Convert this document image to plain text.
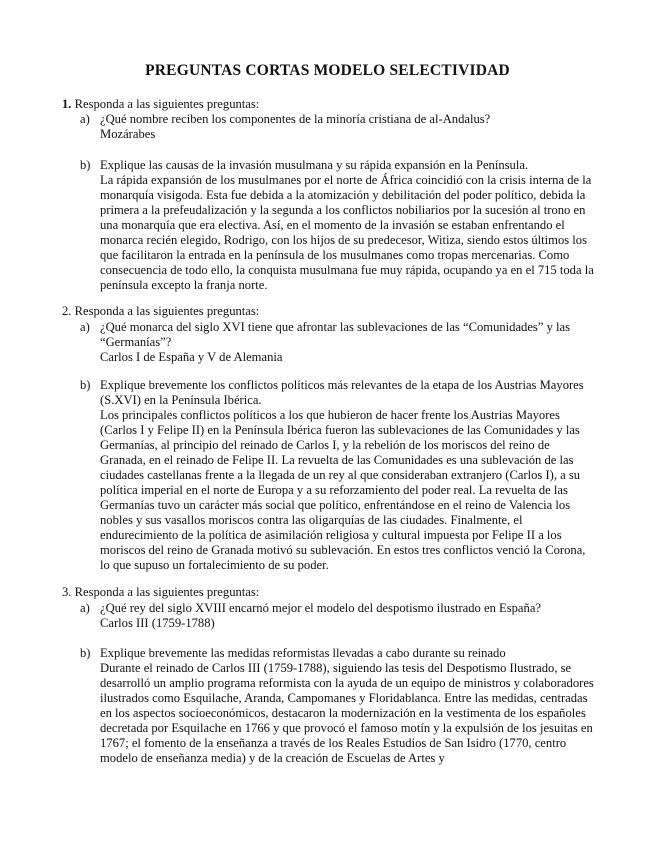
PREGUNTAS CORTAS MODELO SELECTIVIDAD
1. Responda a las siguientes preguntas:
a) ¿Qué nombre reciben los componentes de la minoría cristiana de al-Andalus?
Mozárabes
b) Explique las causas de la invasión musulmana y su rápida expansión en la Península.
La rápida expansión de los musulmanes por el norte de África coincidió con la crisis interna de la monarquía visigoda. Esta fue debida a la atomización y debilitación del poder político, debida la primera a la prefeudalización y la segunda a los conflictos nobiliarios por la sucesión al trono en una monarquía que era electiva. Así, en el momento de la invasión se estaban enfrentando el monarca recién elegido, Rodrigo, con los hijos de su predecesor, Witiza, siendo estos últimos los que facilitaron la entrada en la península de los musulmanes como tropas mercenarias. Como consecuencia de todo ello, la conquista musulmana fue muy rápida, ocupando ya en el 715 toda la península excepto la franja norte.
2. Responda a las siguientes preguntas:
a) ¿Qué monarca del siglo XVI tiene que afrontar las sublevaciones de las “Comunidades” y las “Germanías”?
Carlos I de España y V de Alemania
b) Explique brevemente los conflictos políticos más relevantes de la etapa de los Austrias Mayores (S.XVI) en la Península Ibérica.
Los principales conflictos políticos a los que hubieron de hacer frente los Austrias Mayores (Carlos I y Felipe II) en la Península Ibérica fueron las sublevaciones de las Comunidades y las Germanías, al principio del reinado de Carlos I, y la rebelión de los moriscos del reino de Granada, en el reinado de Felipe II. La revuelta de las Comunidades es una sublevación de las ciudades castellanas frente a la llegada de un rey al que consideraban extranjero (Carlos I), a su política imperial en el norte de Europa y a su reforzamiento del poder real. La revuelta de las Germanías tuvo un carácter más social que político, enfrentándose en el reino de Valencia los nobles y sus vasallos moriscos contra las oligarquías de las ciudades. Finalmente, el endurecimiento de la política de asimilación religiosa y cultural impuesta por Felipe II a los moriscos del reino de Granada motivó su sublevación. En estos tres conflictos venció la Corona, lo que supuso un fortalecimiento de su poder.
3. Responda a las siguientes preguntas:
a) ¿Qué rey del siglo XVIII encarnó mejor el modelo del despotismo ilustrado en España?
Carlos III (1759-1788)
b) Explique brevemente las medidas reformistas llevadas a cabo durante su reinado
Durante el reinado de Carlos III (1759-1788), siguiendo las tesis del Despotismo Ilustrado, se desarrolló un amplio programa reformista con la ayuda de un equipo de ministros y colaboradores ilustrados como Esquilache, Aranda, Campomanes y Floridablanca. Entre las medidas, centradas en los aspectos socioeconómicos, destacaron la modernización en la vestimenta de los españoles decretada por Esquilache en 1766 y que provocó el famoso motín y la expulsión de los jesuitas en 1767; el fomento de la enseñanza a través de los Reales Estudios de San Isidro (1770, centro modelo de enseñanza media) y de la creación de Escuelas de Artes y
